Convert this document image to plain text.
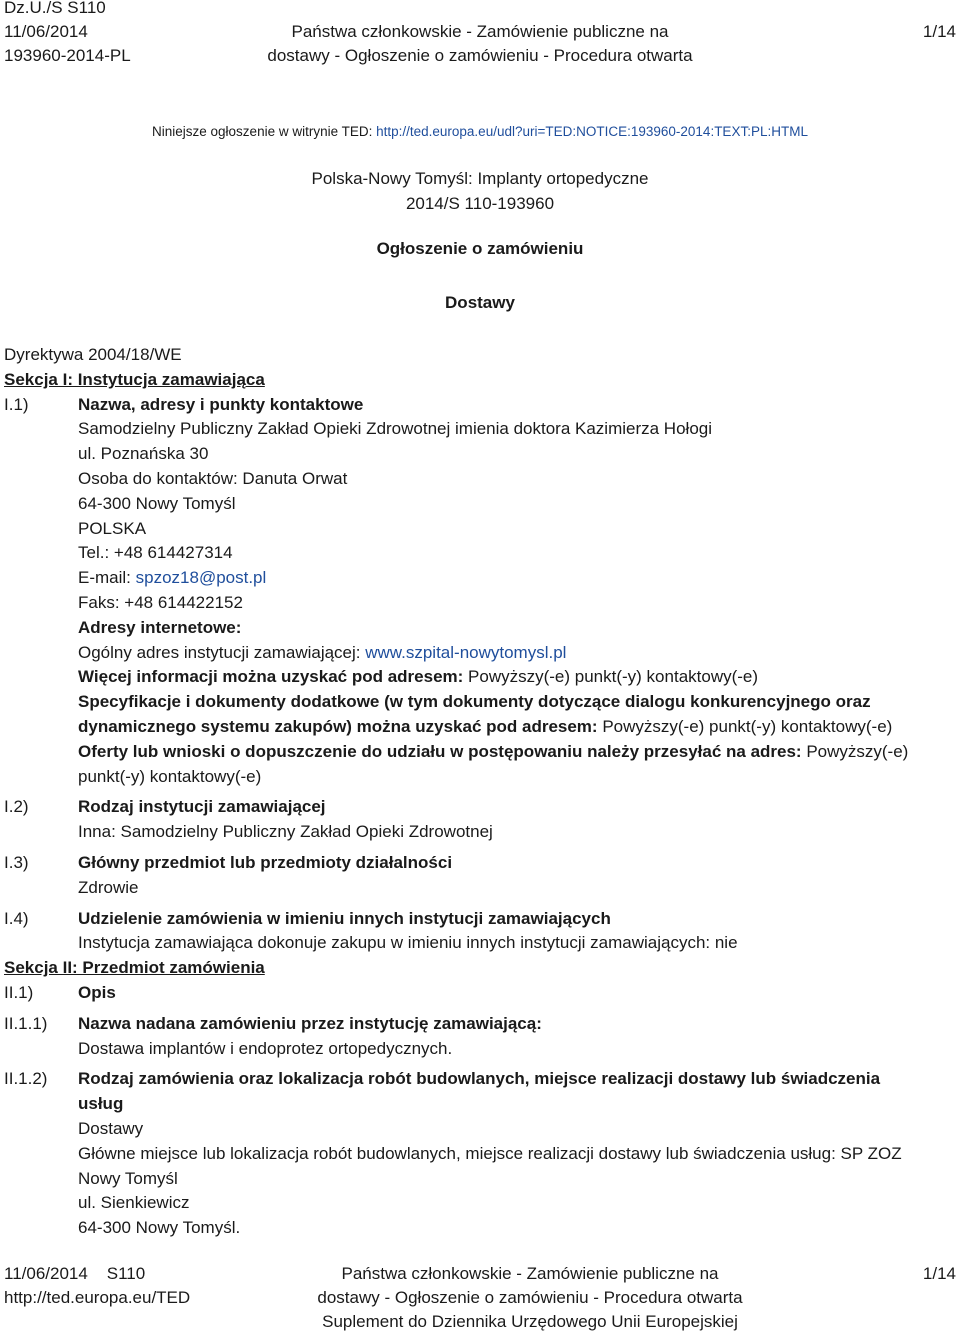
Dz.U./S S110
11/06/2014
193960-2014-PL
Państwa członkowskie - Zamówienie publiczne na
dostawy - Ogłoszenie o zamówieniu - Procedura otwarta
1/14
Niniejsze ogłoszenie w witrynie TED: http://ted.europa.eu/udl?uri=TED:NOTICE:193960-2014:TEXT:PL:HTML
Polska-Nowy Tomyśl: Implanty ortopedyczne
2014/S 110-193960
Ogłoszenie o zamówieniu
Dostawy
Dyrektywa 2004/18/WE
Sekcja I: Instytucja zamawiająca
I.1)	Nazwa, adresy i punkty kontaktowe
Samodzielny Publiczny Zakład Opieki Zdrowotnej imienia doktora Kazimierza Hołogi
ul. Poznańska 30
Osoba do kontaktów: Danuta Orwat
64-300 Nowy Tomyśl
POLSKA
Tel.: +48 614427314
E-mail: spzoz18@post.pl
Faks: +48 614422152
Adresy internetowe:
Ogólny adres instytucji zamawiającej: www.szpital-nowytomysl.pl
Więcej informacji można uzyskać pod adresem: Powyższy(-e) punkt(-y) kontaktowy(-e)
Specyfikacje i dokumenty dodatkowe (w tym dokumenty dotyczące dialogu konkurencyjnego oraz
dynamicznego systemu zakupów) można uzyskać pod adresem: Powyższy(-e) punkt(-y) kontaktowy(-e)
Oferty lub wnioski o dopuszczenie do udziału w postępowaniu należy przesyłać na adres: Powyższy(-e)
punkt(-y) kontaktowy(-e)
I.2)	Rodzaj instytucji zamawiającej
Inna: Samodzielny Publiczny Zakład Opieki Zdrowotnej
I.3)	Główny przedmiot lub przedmioty działalności
Zdrowie
I.4)	Udzielenie zamówienia w imieniu innych instytucji zamawiających
Instytucja zamawiająca dokonuje zakupu w imieniu innych instytucji zamawiających: nie
Sekcja II: Przedmiot zamówienia
II.1)	Opis
II.1.1)	Nazwa nadana zamówieniu przez instytucję zamawiającą:
Dostawa implantów i endoprotez ortopedycznych.
II.1.2)	Rodzaj zamówienia oraz lokalizacja robót budowlanych, miejsce realizacji dostawy lub świadczenia
usług
Dostawy
Główne miejsce lub lokalizacja robót budowlanych, miejsce realizacji dostawy lub świadczenia usług: SP ZOZ
Nowy Tomyśl
ul. Sienkiewicz
64-300 Nowy Tomyśl.
11/06/2014 S110
http://ted.europa.eu/TED
Państwa członkowskie - Zamówienie publiczne na
dostawy - Ogłoszenie o zamówieniu - Procedura otwarta
Suplement do Dziennika Urzędowego Unii Europejskiej
1/14
